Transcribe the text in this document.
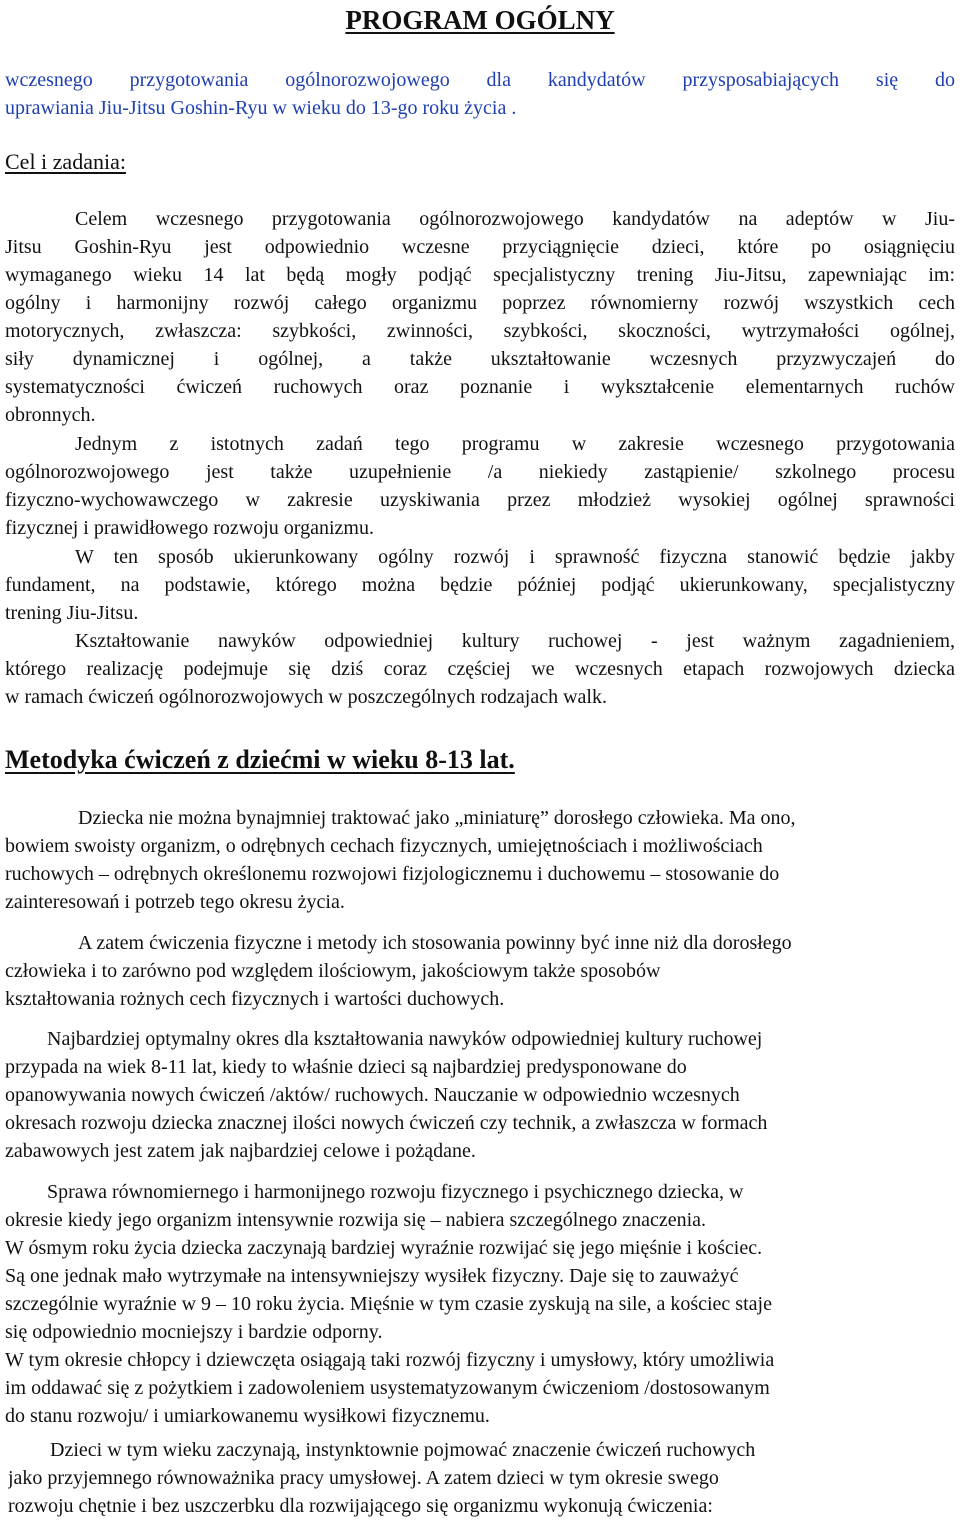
PROGRAM OGÓLNY
wczesnego przygotowania ogólnorozwojowego dla kandydatów przysposabiających się do
uprawiania Jiu-Jitsu Goshin-Ryu w wieku do 13-go roku życia .
Cel i zadania:
Celem wczesnego przygotowania ogólnorozwojowego kandydatów na adeptów w Jiu-
Jitsu Goshin-Ryu jest odpowiednio wczesne przyciągnięcie dzieci, które po osiągnięciu
wymaganego wieku 14 lat będą mogły podjąć specjalistyczny trening Jiu-Jitsu, zapewniając im:
ogólny i harmonijny rozwój całego organizmu poprzez równomierny rozwój wszystkich cech
motorycznych, zwłaszcza: szybkości, zwinności, szybkości, skoczności, wytrzymałości ogólnej,
siły dynamicznej i ogólnej, a także ukształtowanie wczesnych przyzwyczajeń do
systematyczności ćwiczeń ruchowych oraz poznanie i wykształcenie elementarnych ruchów
obronnych.
Jednym z istotnych zadań tego programu w zakresie wczesnego przygotowania
ogólnorozwojowego jest także uzupełnienie /a niekiedy zastąpienie/ szkolnego procesu
fizyczno-wychowawczego w zakresie uzyskiwania przez młodzież wysokiej ogólnej sprawności
fizycznej i prawidłowego rozwoju organizmu.
W ten sposób ukierunkowany ogólny rozwój i sprawność fizyczna stanowić będzie jakby
fundament, na podstawie, którego można będzie później podjąć ukierunkowany, specjalistyczny
trening Jiu-Jitsu.
Kształtowanie nawyków odpowiedniej kultury ruchowej - jest ważnym zagadnieniem,
którego realizację podejmuje się dziś coraz częściej we wczesnych etapach rozwojowych dziecka
w ramach ćwiczeń ogólnorozwojowych w poszczególnych rodzajach walk.
Metodyka ćwiczeń z dziećmi w wieku 8-13 lat.
Dziecka nie można bynajmniej traktować jako „miniaturę” dorosłego człowieka. Ma ono,
bowiem swoisty organizm, o odrębnych cechach fizycznych, umiejętnościach i możliwościach
ruchowych – odrębnych określonemu rozwojowi fizjologicznemu i duchowemu – stosowanie do
zainteresowań i potrzeb tego okresu życia.
A zatem ćwiczenia fizyczne i metody ich stosowania powinny być inne niż dla dorosłego
człowieka i to zarówno pod względem ilościowym, jakościowym także sposobów
kształtowania rożnych cech fizycznych i wartości duchowych.
Najbardziej optymalny okres dla kształtowania nawyków odpowiedniej kultury ruchowej
przypada na wiek 8-11 lat, kiedy to właśnie dzieci są najbardziej predysponowane do
opanowywania nowych ćwiczeń /aktów/ ruchowych. Nauczanie w odpowiednio wczesnych
okresach rozwoju dziecka znacznej ilości nowych ćwiczeń czy technik, a zwłaszcza w formach
zabawowych jest zatem jak najbardziej celowe i pożądane.
Sprawa równomiernego i harmonijnego rozwoju fizycznego i psychicznego dziecka, w
okresie kiedy jego organizm intensywnie rozwija się – nabiera szczególnego znaczenia.
W ósmym roku życia dziecka zaczynają bardziej wyraźnie rozwijać się jego mięśnie i kościec.
Są one jednak mało wytrzymałe na intensywniejszy wysiłek fizyczny. Daje się to zauważyć
szczególnie wyraźnie w 9 – 10 roku życia. Mięśnie w tym czasie zyskują na sile, a kościec staje
się odpowiednio mocniejszy i bardzie odporny.
W tym okresie chłopcy i dziewczęta osiągają taki rozwój fizyczny i umysłowy, który umożliwia
im oddawać się z pożytkiem i zadowoleniem usystematyzowanym ćwiczeniom /dostosowanym
do stanu rozwoju/ i umiarkowanemu wysiłkowi fizycznemu.
Dzieci w tym wieku zaczynają, instynktownie pojmować znaczenie ćwiczeń ruchowych
jako przyjemnego równoważnika pracy umysłowej. A zatem dzieci w tym okresie swego
rozwoju chętnie i bez uszczerbku dla rozwijającego się organizmu wykonują ćwiczenia:
